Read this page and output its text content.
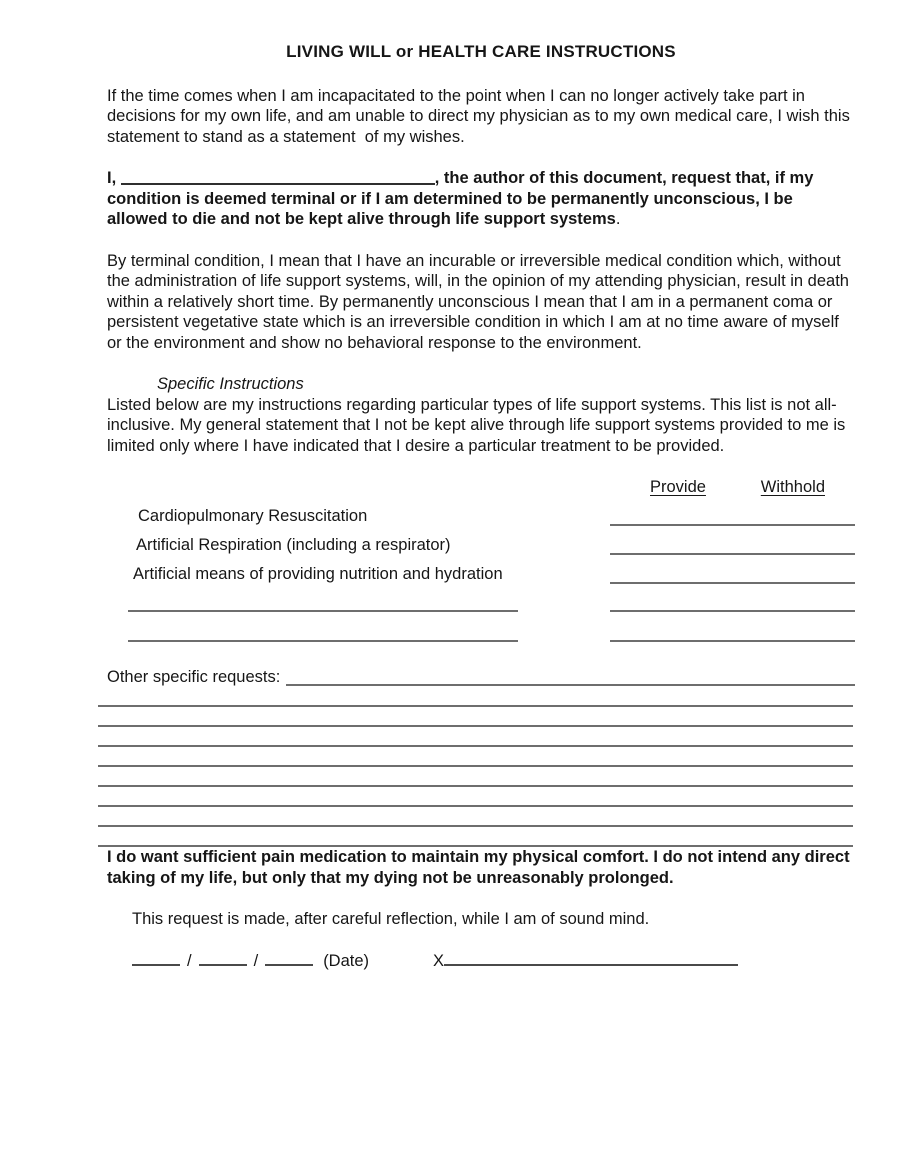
LIVING WILL or HEALTH CARE INSTRUCTIONS

If the time comes when I am incapacitated to the point when I can no longer actively take part in decisions for my own life, and am unable to direct my physician as to my own medical care, I wish this statement to stand as a statement  of my wishes.

I,	, the author of this document, request that, if my condition is deemed terminal or if I am determined to be permanently unconscious, I be allowed to die and not be kept alive through life support systems.

By terminal condition, I mean that I have an incurable or irreversible medical condition which, without the administration of life support systems, will, in the opinion of my attending physician, result in death within a relatively short time. By permanently unconscious I mean that I am in a permanent coma or persistent vegetative state which is an irreversible condition in which I am at no time aware of myself or the environment and show no behavioral response to the environment.

Specific Instructions

Listed below are my instructions regarding particular types of life support systems. This list is not all-inclusive. My general statement that I not be kept alive through life support systems provided to me is limited only where I have indicated that I desire a particular treatment to be provided.

Provide	Withhold
Cardiopulmonary Resuscitation
Artificial Respiration (including a respirator)
Artificial means of providing nutrition and hydration
Other specific requests:

I do want sufficient pain medication to maintain my physical comfort. I do not intend any direct taking of my life, but only that my dying not be unreasonably prolonged.

This request is made, after careful reflection, while I am of sound mind.

/	/	(Date)	X
